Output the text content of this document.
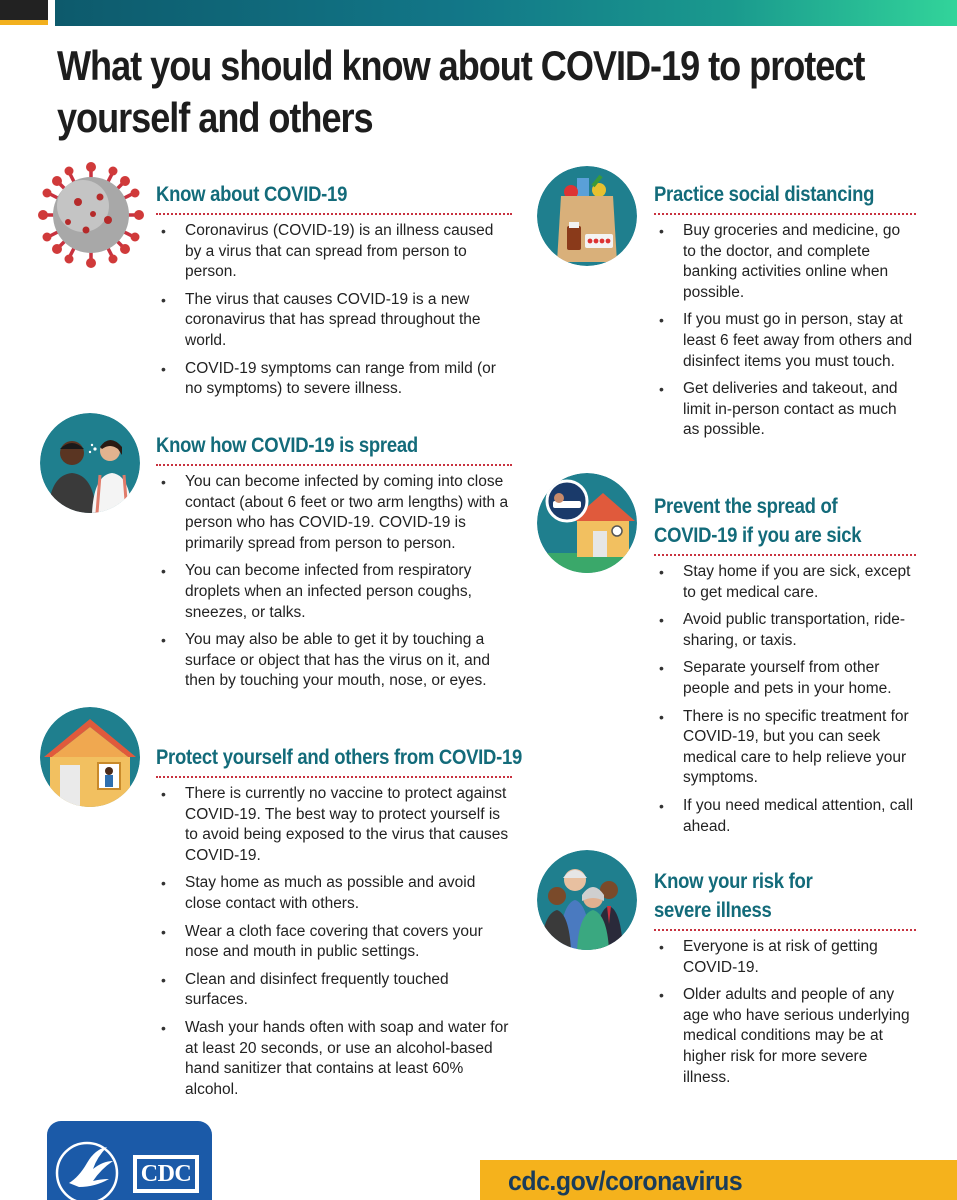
What you should know about COVID-19 to protect yourself and others
Know about COVID-19
• Coronavirus (COVID-19) is an illness caused by a virus that can spread from person to person.
• The virus that causes COVID-19 is a new coronavirus that has spread throughout the world.
• COVID-19 symptoms can range from mild (or no symptoms) to severe illness.
Know how COVID-19 is spread
• You can become infected by coming into close contact (about 6 feet or two arm lengths) with a person who has COVID-19. COVID-19 is primarily spread from person to person.
• You can become infected from respiratory droplets when an infected person coughs, sneezes, or talks.
• You may also be able to get it by touching a surface or object that has the virus on it, and then by touching your mouth, nose, or eyes.
Protect yourself and others from COVID-19
• There is currently no vaccine to protect against COVID-19. The best way to protect yourself is to avoid being exposed to the virus that causes COVID-19.
• Stay home as much as possible and avoid close contact with others.
• Wear a cloth face covering that covers your nose and mouth in public settings.
• Clean and disinfect frequently touched surfaces.
• Wash your hands often with soap and water for at least 20 seconds, or use an alcohol-based hand sanitizer that contains at least 60% alcohol.
Practice social distancing
• Buy groceries and medicine, go to the doctor, and complete banking activities online when possible.
• If you must go in person, stay at least 6 feet away from others and disinfect items you must touch.
• Get deliveries and takeout, and limit in-person contact as much as possible.
Prevent the spread of
COVID-19 if you are sick
• Stay home if you are sick, except to get medical care.
• Avoid public transportation, ride-sharing, or taxis.
• Separate yourself from other people and pets in your home.
• There is no specific treatment for COVID-19, but you can seek medical care to help relieve your symptoms.
• If you need medical attention, call ahead.
Know your risk for
severe illness
• Everyone is at risk of getting COVID-19.
• Older adults and people of any age who have serious underlying medical conditions may be at higher risk for more severe illness.
CDC	cdc.gov/coronavirus
